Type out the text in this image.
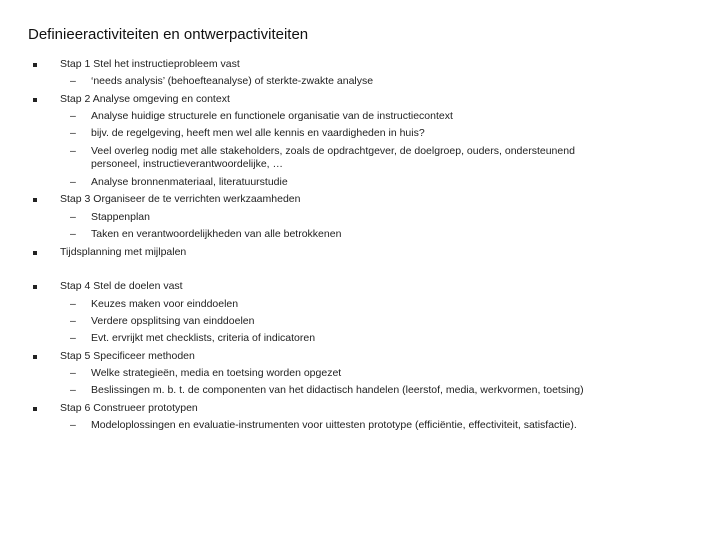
Definieeractiviteiten en ontwerpactiviteiten
Stap 1 Stel het instructieprobleem vast
– ‘needs analysis’ (behoefteanalyse) of sterkte-zwakte analyse
Stap 2 Analyse omgeving en context
– Analyse huidige structurele en functionele organisatie van de instructiecontext
– bijv. de regelgeving, heeft men wel alle kennis en vaardigheden in huis?
– Veel overleg nodig met alle stakeholders, zoals de opdrachtgever, de doelgroep, ouders, ondersteunend
personeel, instructieverantwoordelijke, …
– Analyse bronnenmateriaal, literatuurstudie
Stap 3 Organiseer de te verrichten werkzaamheden
– Stappenplan
– Taken en verantwoordelijkheden van alle betrokkenen
Tijdsplanning met mijlpalen
Stap 4 Stel de doelen vast
– Keuzes maken voor einddoelen
– Verdere opsplitsing van einddoelen
– Evt. ervrijkt met checklists, criteria of indicatoren
Stap 5 Specificeer methoden
– Welke strategieën, media en toetsing worden opgezet
– Beslissingen m. b. t. de componenten van het didactisch handelen (leerstof, media, werkvormen, toetsing)
Stap 6 Construeer prototypen
– Modeloplossingen en evaluatie-instrumenten voor uittesten prototype (efficiëntie, effectiviteit, satisfactie).
